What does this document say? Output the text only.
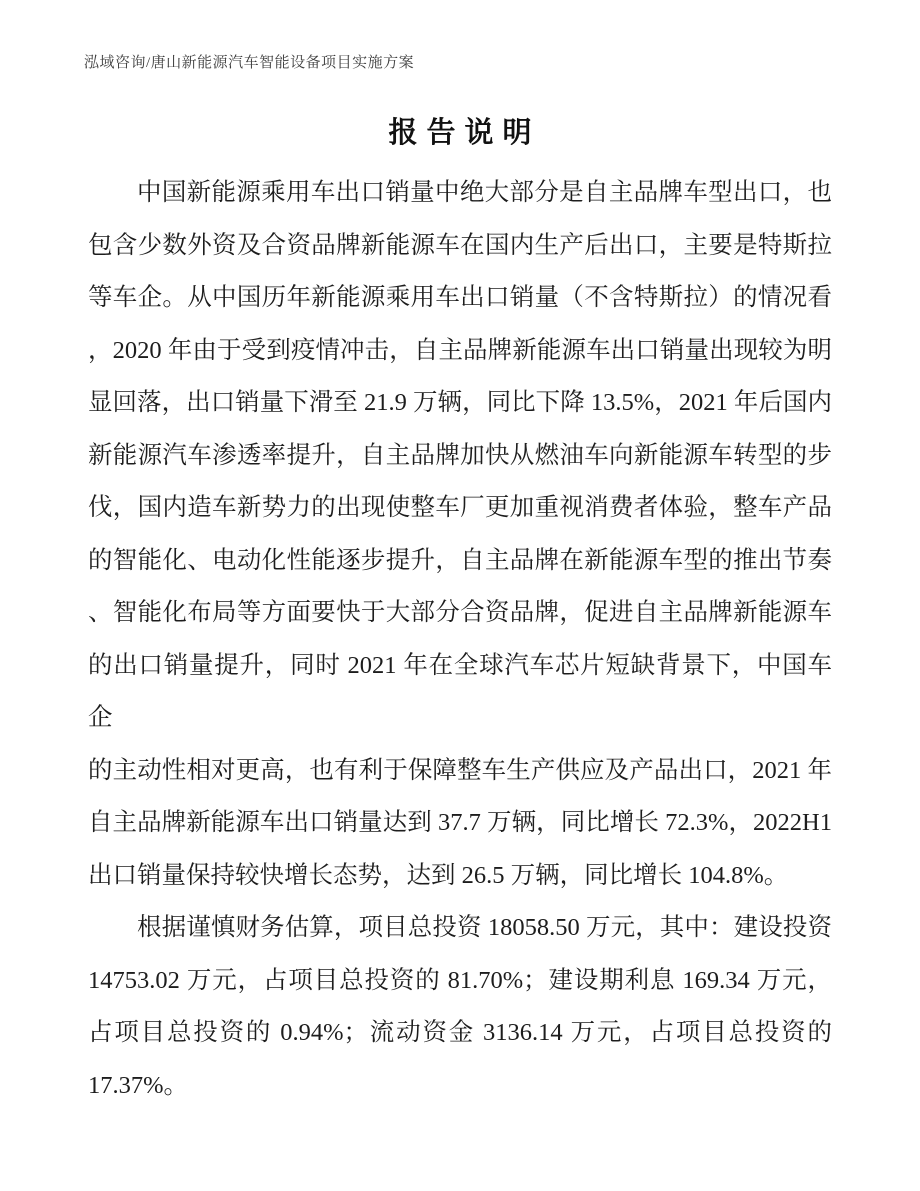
泓域咨询/唐山新能源汽车智能设备项目实施方案
报告说明
中国新能源乘用车出口销量中绝大部分是自主品牌车型出口，也
包含少数外资及合资品牌新能源车在国内生产后出口，主要是特斯拉
等车企。从中国历年新能源乘用车出口销量（不含特斯拉）的情况看
，2020 年由于受到疫情冲击，自主品牌新能源车出口销量出现较为明
显回落，出口销量下滑至 21.9 万辆，同比下降 13.5%，2021 年后国内
新能源汽车渗透率提升，自主品牌加快从燃油车向新能源车转型的步
伐，国内造车新势力的出现使整车厂更加重视消费者体验，整车产品
的智能化、电动化性能逐步提升，自主品牌在新能源车型的推出节奏
、智能化布局等方面要快于大部分合资品牌，促进自主品牌新能源车
的出口销量提升，同时 2021 年在全球汽车芯片短缺背景下，中国车企
的主动性相对更高，也有利于保障整车生产供应及产品出口，2021 年
自主品牌新能源车出口销量达到 37.7 万辆，同比增长 72.3%，2022H1
出口销量保持较快增长态势，达到 26.5 万辆，同比增长 104.8%。
根据谨慎财务估算，项目总投资 18058.50 万元，其中：建设投资
14753.02 万元，占项目总投资的 81.70%；建设期利息 169.34 万元，
占项目总投资的 0.94%；流动资金 3136.14 万元，占项目总投资的
17.37%。
